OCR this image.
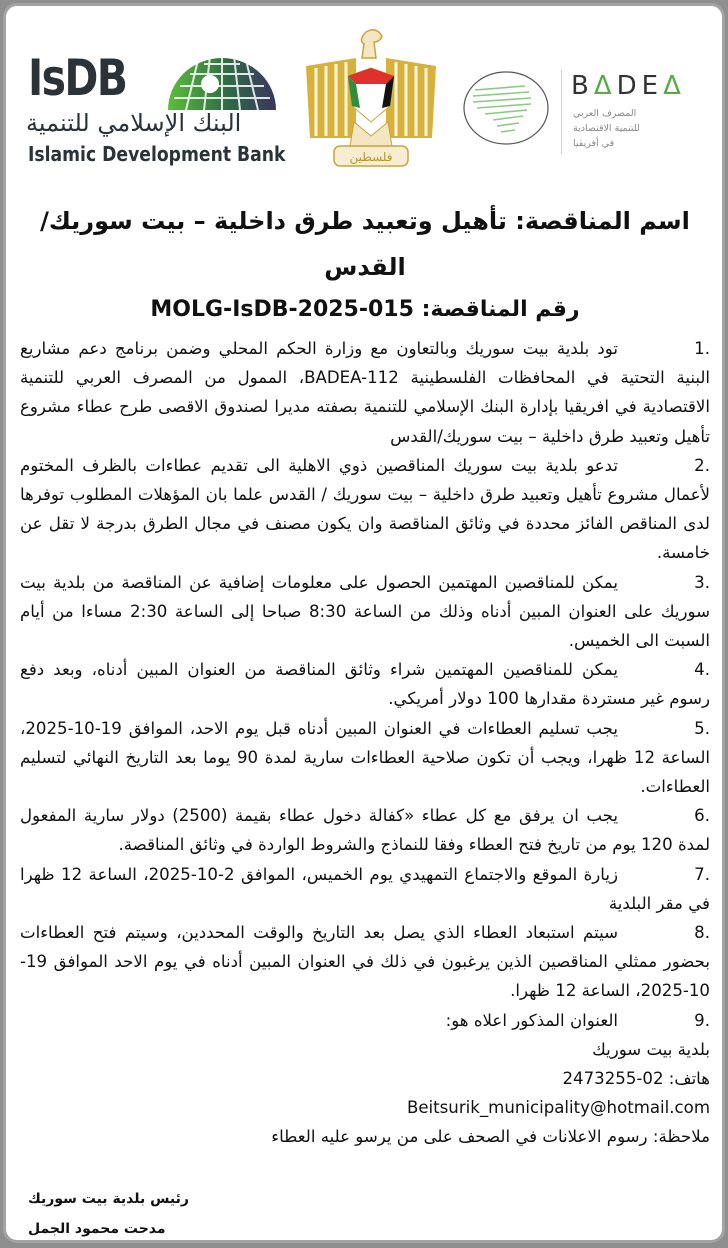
IsDB
البنك الإسلامي للتنمية
Islamic Development Bank	فلسطين
BΔDEΔ
المصرف العربي
للتنمية الاقتصادية
في أفريقيا

اسم المناقصة: تأهيل وتعبيد طرق داخلية – بيت سوريك/القدس

رقم المناقصة: MOLG-IsDB-2025-015

1.
تود بلدية بيت سوريك وبالتعاون مع وزارة الحكم المحلي وضمن برنامج دعم مشاريع البنية التحتية في المحافظات الفلسطينية BADEA-112، الممول من المصرف العربي للتنمية الاقتصادية في افريقيا بإدارة البنك الإسلامي للتنمية بصفته مديرا لصندوق الاقصى طرح عطاء مشروع تأهيل وتعبيد طرق داخلية – بيت سوريك/القدس

2.
تدعو بلدية بيت سوريك المناقصين ذوي الاهلية الى تقديم عطاءات بالظرف المختوم لأعمال مشروع تأهيل وتعبيد طرق داخلية – بيت سوريك / القدس علما بان المؤهلات المطلوب توفرها لدى المناقص الفائز محددة في وثائق المناقصة وان يكون مصنف في مجال الطرق بدرجة لا تقل عن خامسة.

3.
يمكن للمناقصين المهتمين الحصول على معلومات إضافية عن المناقصة من بلدية بيت سوريك على العنوان المبين أدناه وذلك من الساعة 8:30 صباحا إلى الساعة 2:30 مساءا من أيام السبت الى الخميس.

4.
يمكن للمناقصين المهتمين شراء وثائق المناقصة من العنوان المبين أدناه، وبعد دفع رسوم غير مستردة مقدارها 100 دولار أمريكي.

5.
يجب تسليم العطاءات في العنوان المبين أدناه قبل يوم الاحد، الموافق 19-10-2025، الساعة 12 ظهرا، ويجب أن تكون صلاحية العطاءات سارية لمدة 90 يوما بعد التاريخ النهائي لتسليم العطاءات.

6.
يجب ان يرفق مع كل عطاء «كفالة دخول عطاء بقيمة (2500) دولار سارية المفعول لمدة 120 يوم من تاريخ فتح العطاء وفقا للنماذج والشروط الواردة في وثائق المناقصة.

7.
زيارة الموقع والاجتماع التمهيدي يوم الخميس، الموافق 2-10-2025، الساعة 12 ظهرا في مقر البلدية

8.
سيتم استبعاد العطاء الذي يصل بعد التاريخ والوقت المحددين، وسيتم فتح العطاءات بحضور ممثلي المناقصين الذين يرغبون في ذلك في العنوان المبين أدناه في يوم الاحد الموافق 19-10-2025، الساعة 12 ظهرا.

9.
العنوان المذكور اعلاه هو:

بلدية بيت سوريك

هاتف: 02-2473255

Beitsurik_municipality@hotmail.com

ملاحظة: رسوم الاعلانات في الصحف على من يرسو عليه العطاء

رئيس بلدية بيت سوريك
مدحت محمود الجمل
